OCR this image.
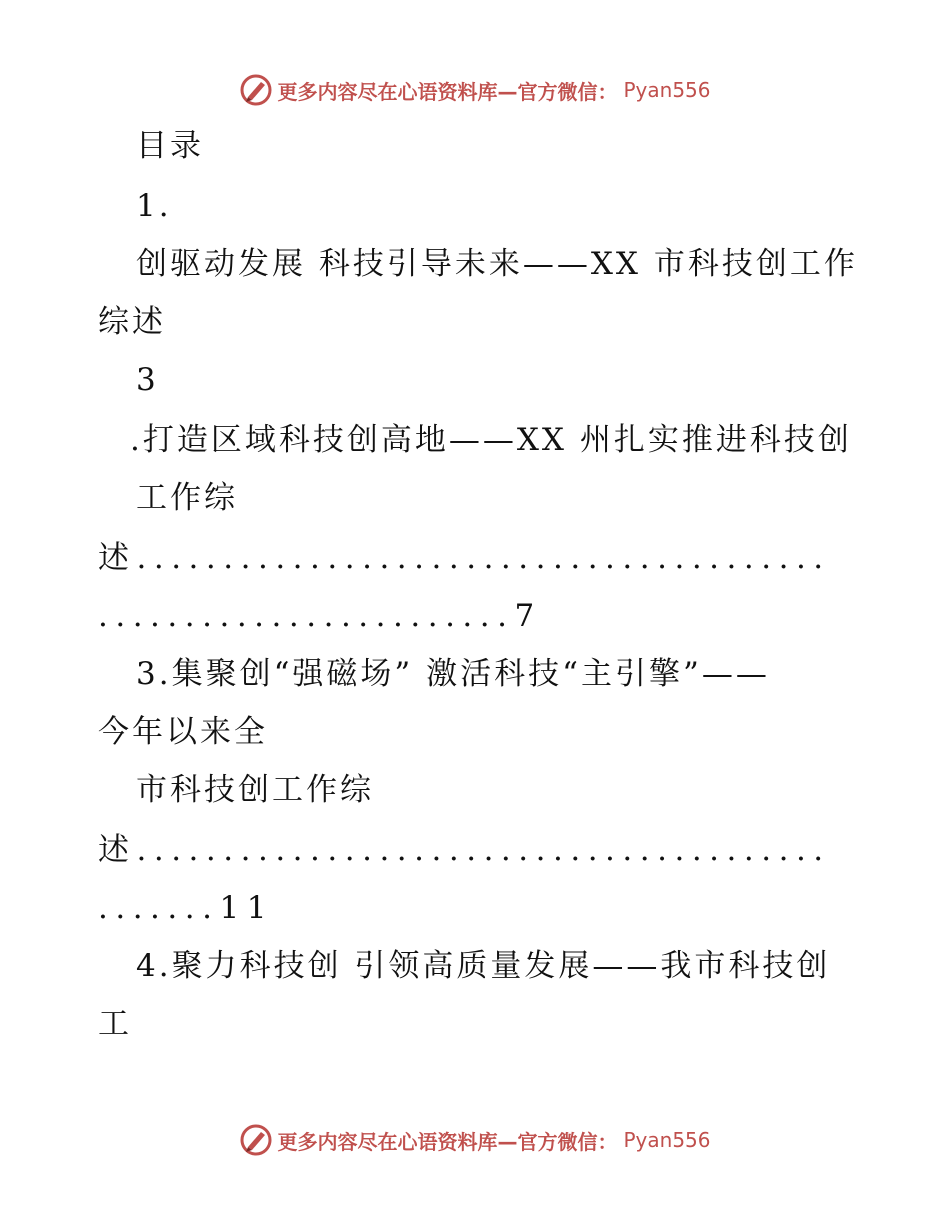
更多内容尽在心语资料库—官方微信： Pyan556
目录
1.
创驱动发展 科技引导未来——XX 市科技创工作
综述
3
.打造区域科技创高地——XX 州扎实推进科技创
工作综
述........................................
........................7
3.集聚创“强磁场” 激活科技“主引擎”——
今年以来全
市科技创工作综
述........................................
.......11
4.聚力科技创 引领高质量发展——我市科技创
工
更多内容尽在心语资料库—官方微信： Pyan556
